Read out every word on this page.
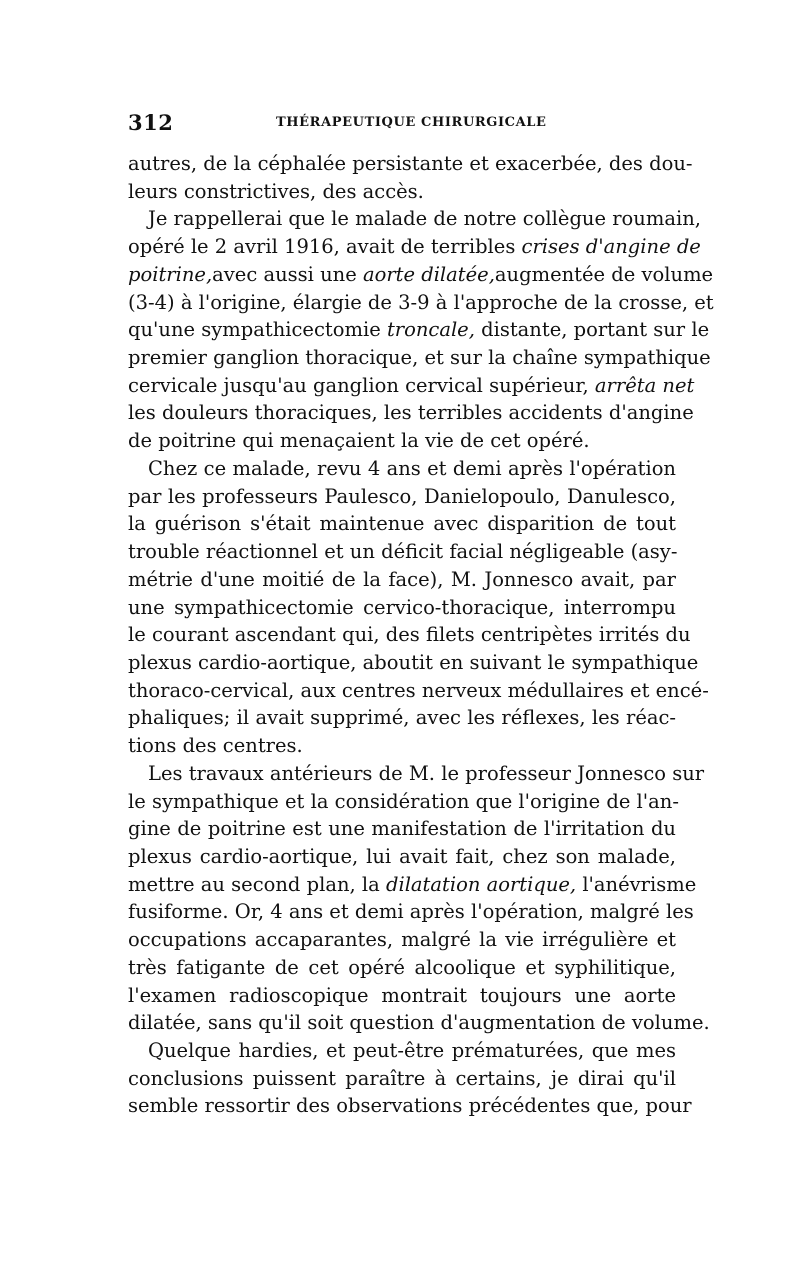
312	THÉRAPEUTIQUE CHIRURGICALE
autres, de la céphalée persistante et exacerbée, des dou-
leurs constrictives, des accès.
Je rappellerai que le malade de notre collègue roumain,
opéré le 2 avril 1916, avait de terribles crises d'angine de
poitrine,avec aussi une aorte dilatée,augmentée de volume
(3-4) à l'origine, élargie de 3-9 à l'approche de la crosse, et
qu'une sympathicectomie troncale, distante, portant sur le
premier ganglion thoracique, et sur la chaîne sympathique
cervicale jusqu'au ganglion cervical supérieur, arrêta net
les douleurs thoraciques, les terribles accidents d'angine
de poitrine qui menaçaient la vie de cet opéré.
Chez ce malade, revu 4 ans et demi après l'opération
par les professeurs Paulesco, Danielopoulo, Danulesco,
la guérison s'était maintenue avec disparition de tout
trouble réactionnel et un déficit facial négligeable (asy-
métrie d'une moitié de la face), M. Jonnesco avait, par
une sympathicectomie cervico-thoracique, interrompu
le courant ascendant qui, des filets centripètes irrités du
plexus cardio-aortique, aboutit en suivant le sympathique
thoraco-cervical, aux centres nerveux médullaires et encé-
phaliques; il avait supprimé, avec les réflexes, les réac-
tions des centres.
Les travaux antérieurs de M. le professeur Jonnesco sur
le sympathique et la considération que l'origine de l'an-
gine de poitrine est une manifestation de l'irritation du
plexus cardio-aortique, lui avait fait, chez son malade,
mettre au second plan, la dilatation aortique, l'anévrisme
fusiforme. Or, 4 ans et demi après l'opération, malgré les
occupations accaparantes, malgré la vie irrégulière et
très fatigante de cet opéré alcoolique et syphilitique,
l'examen radioscopique montrait toujours une aorte
dilatée, sans qu'il soit question d'augmentation de volume.
Quelque hardies, et peut-être prématurées, que mes
conclusions puissent paraître à certains, je dirai qu'il
semble ressortir des observations précédentes que, pour
